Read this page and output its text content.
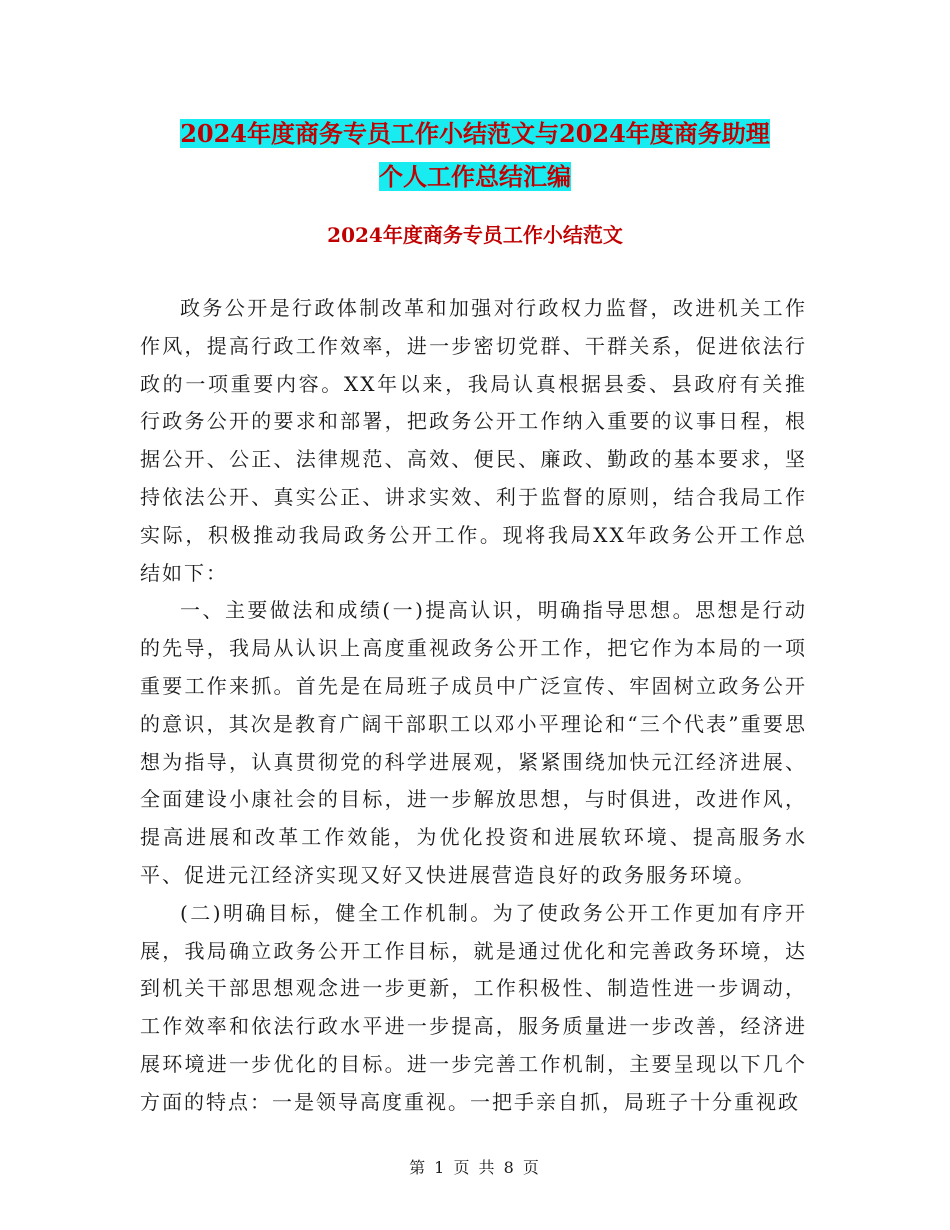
2024年度商务专员工作小结范文与2024年度商务助理
个人工作总结汇编
2024年度商务专员工作小结范文

政务公开是行政体制改革和加强对行政权力监督，改进机关工作作风，提高行政工作效率，进一步密切党群、干群关系，促进依法行政的一项重要内容。XX年以来，我局认真根据县委、县政府有关推行政务公开的要求和部署，把政务公开工作纳入重要的议事日程，根据公开、公正、法律规范、高效、便民、廉政、勤政的基本要求，坚持依法公开、真实公正、讲求实效、利于监督的原则，结合我局工作实际，积极推动我局政务公开工作。现将我局XX年政务公开工作总结如下：

一、主要做法和成绩(一)提高认识，明确指导思想。思想是行动的先导，我局从认识上高度重视政务公开工作，把它作为本局的一项重要工作来抓。首先是在局班子成员中广泛宣传、牢固树立政务公开的意识，其次是教育广阔干部职工以邓小平理论和“三个代表”重要思想为指导，认真贯彻党的科学进展观，紧紧围绕加快元江经济进展、全面建设小康社会的目标，进一步解放思想，与时俱进，改进作风，提高进展和改革工作效能，为优化投资和进展软环境、提高服务水平、促进元江经济实现又好又快进展营造良好的政务服务环境。

(二)明确目标，健全工作机制。为了使政务公开工作更加有序开展，我局确立政务公开工作目标，就是通过优化和完善政务环境，达到机关干部思想观念进一步更新，工作积极性、制造性进一步调动，工作效率和依法行政水平进一步提高，服务质量进一步改善，经济进展环境进一步优化的目标。进一步完善工作机制，主要呈现以下几个方面的特点：一是领导高度重视。一把手亲自抓，局班子十分重视政

第 1 页 共 8 页
